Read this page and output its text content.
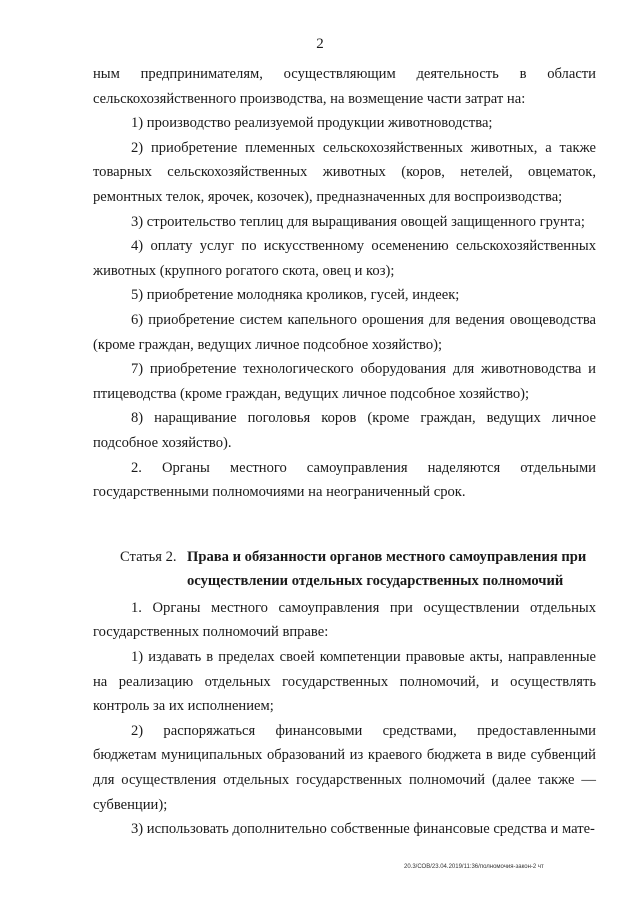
2

ным предпринимателям, осуществляющим деятельность в области сельскохозяйственного производства, на возмещение части затрат на:

1) производство реализуемой продукции животноводства;

2) приобретение племенных сельскохозяйственных животных, а также товарных сельскохозяйственных животных (коров, нетелей, овцематок, ремонтных телок, ярочек, козочек), предназначенных для воспроизводства;

3) строительство теплиц для выращивания овощей защищенного грунта;

4) оплату услуг по искусственному осеменению сельскохозяйственных животных (крупного рогатого скота, овец и коз);

5) приобретение молодняка кроликов, гусей, индеек;

6) приобретение систем капельного орошения для ведения овощеводства (кроме граждан, ведущих личное подсобное хозяйство);

7) приобретение технологического оборудования для животноводства и птицеводства (кроме граждан, ведущих личное подсобное хозяйство);

8) наращивание поголовья коров (кроме граждан, ведущих личное подсобное хозяйство).

2. Органы местного самоуправления наделяются отдельными государственными полномочиями на неограниченный срок.

Статья 2. Права и обязанности органов местного самоуправления при
осуществлении отдельных государственных полномочий

1. Органы местного самоуправления при осуществлении отдельных государственных полномочий вправе:

1) издавать в пределах своей компетенции правовые акты, направленные на реализацию отдельных государственных полномочий, и осуществлять контроль за их исполнением;

2) распоряжаться финансовыми средствами, предоставленными бюджетам муниципальных образований из краевого бюджета в виде субвенций для осуществления отдельных государственных полномочий (далее также — субвенции);

3) использовать дополнительно собственные финансовые средства и мате-

20.3/СОВ/23.04.2019/11:36/полномочия-закон-2 чт
